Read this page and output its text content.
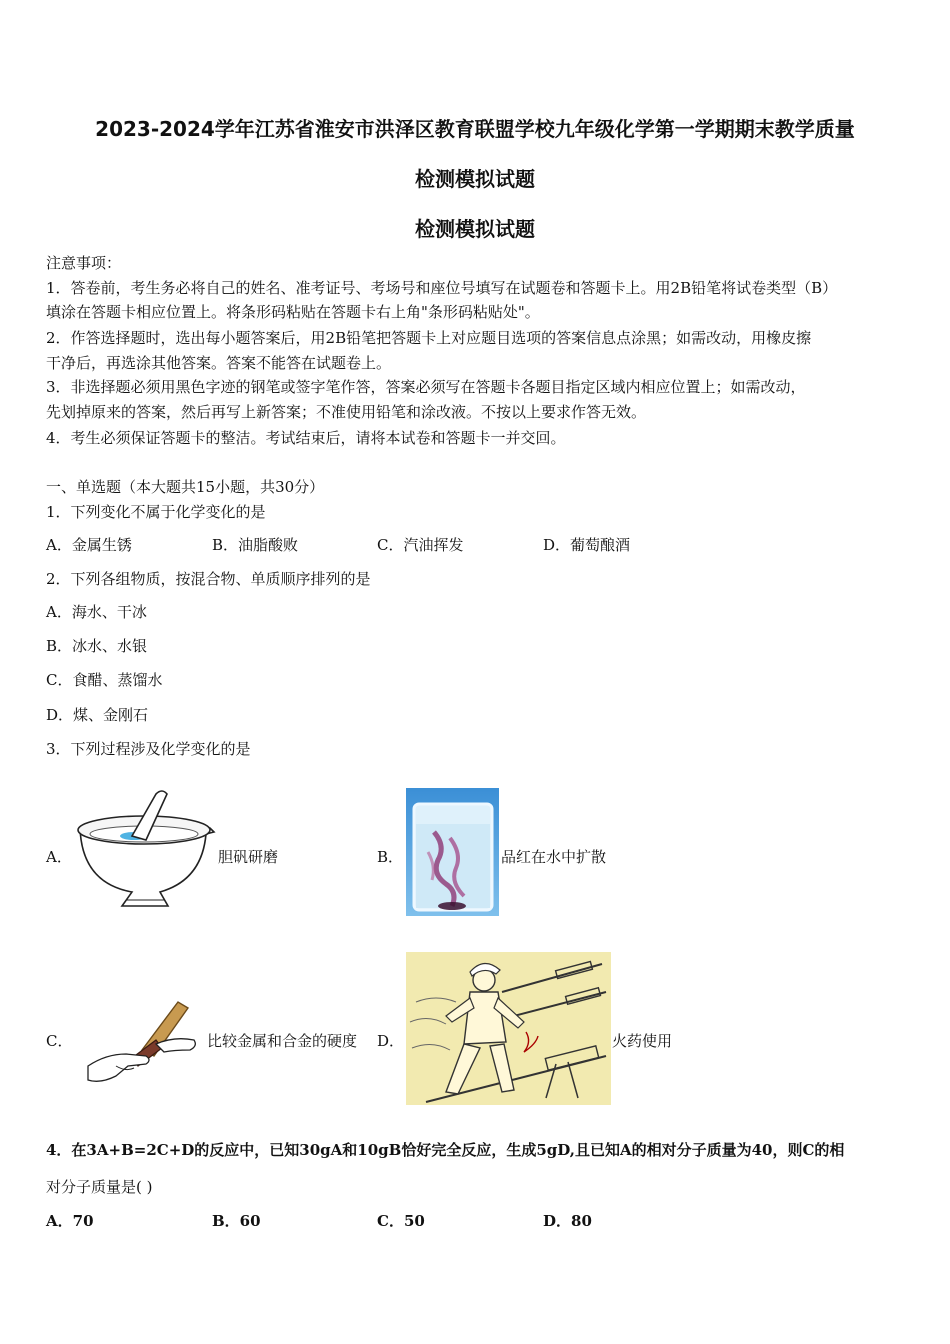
2023-2024学年江苏省淮安市洪泽区教育联盟学校九年级化学第一学期期末教学质量
检测模拟试题
检测模拟试题
注意事项：
1．答卷前，考生务必将自己的姓名、准考证号、考场号和座位号填写在试题卷和答题卡上。用2B铅笔将试卷类型（B）
填涂在答题卡相应位置上。将条形码粘贴在答题卡右上角"条形码粘贴处"。
2．作答选择题时，选出每小题答案后，用2B铅笔把答题卡上对应题目选项的答案信息点涂黑；如需改动，用橡皮擦
干净后，再选涂其他答案。答案不能答在试题卷上。
3．非选择题必须用黑色字迹的钢笔或签字笔作答，答案必须写在答题卡各题目指定区域内相应位置上；如需改动，
先划掉原来的答案，然后再写上新答案；不准使用铅笔和涂改液。不按以上要求作答无效。
4．考生必须保证答题卡的整洁。考试结束后，请将本试卷和答题卡一并交回。
一、单选题（本大题共15小题，共30分）
1．下列变化不属于化学变化的是
A．金属生锈	B．油脂酸败	C．汽油挥发	D．葡萄酿酒
2．下列各组物质，按混合物、单质顺序排列的是
A．海水、干冰
B．冰水、水银
C．食醋、蒸馏水
D．煤、金刚石
3．下列过程涉及化学变化的是
A．	胆矾研磨	B．	品红在水中扩散
C．	比较金属和合金的硬度 D．	火药使用
4．在3A+B=2C+D的反应中，已知30gA和10gB恰好完全反应，生成5gD,且已知A的相对分子质量为40，则C的相
对分子质量是( )
A．70	B．60	C．50	D．80
